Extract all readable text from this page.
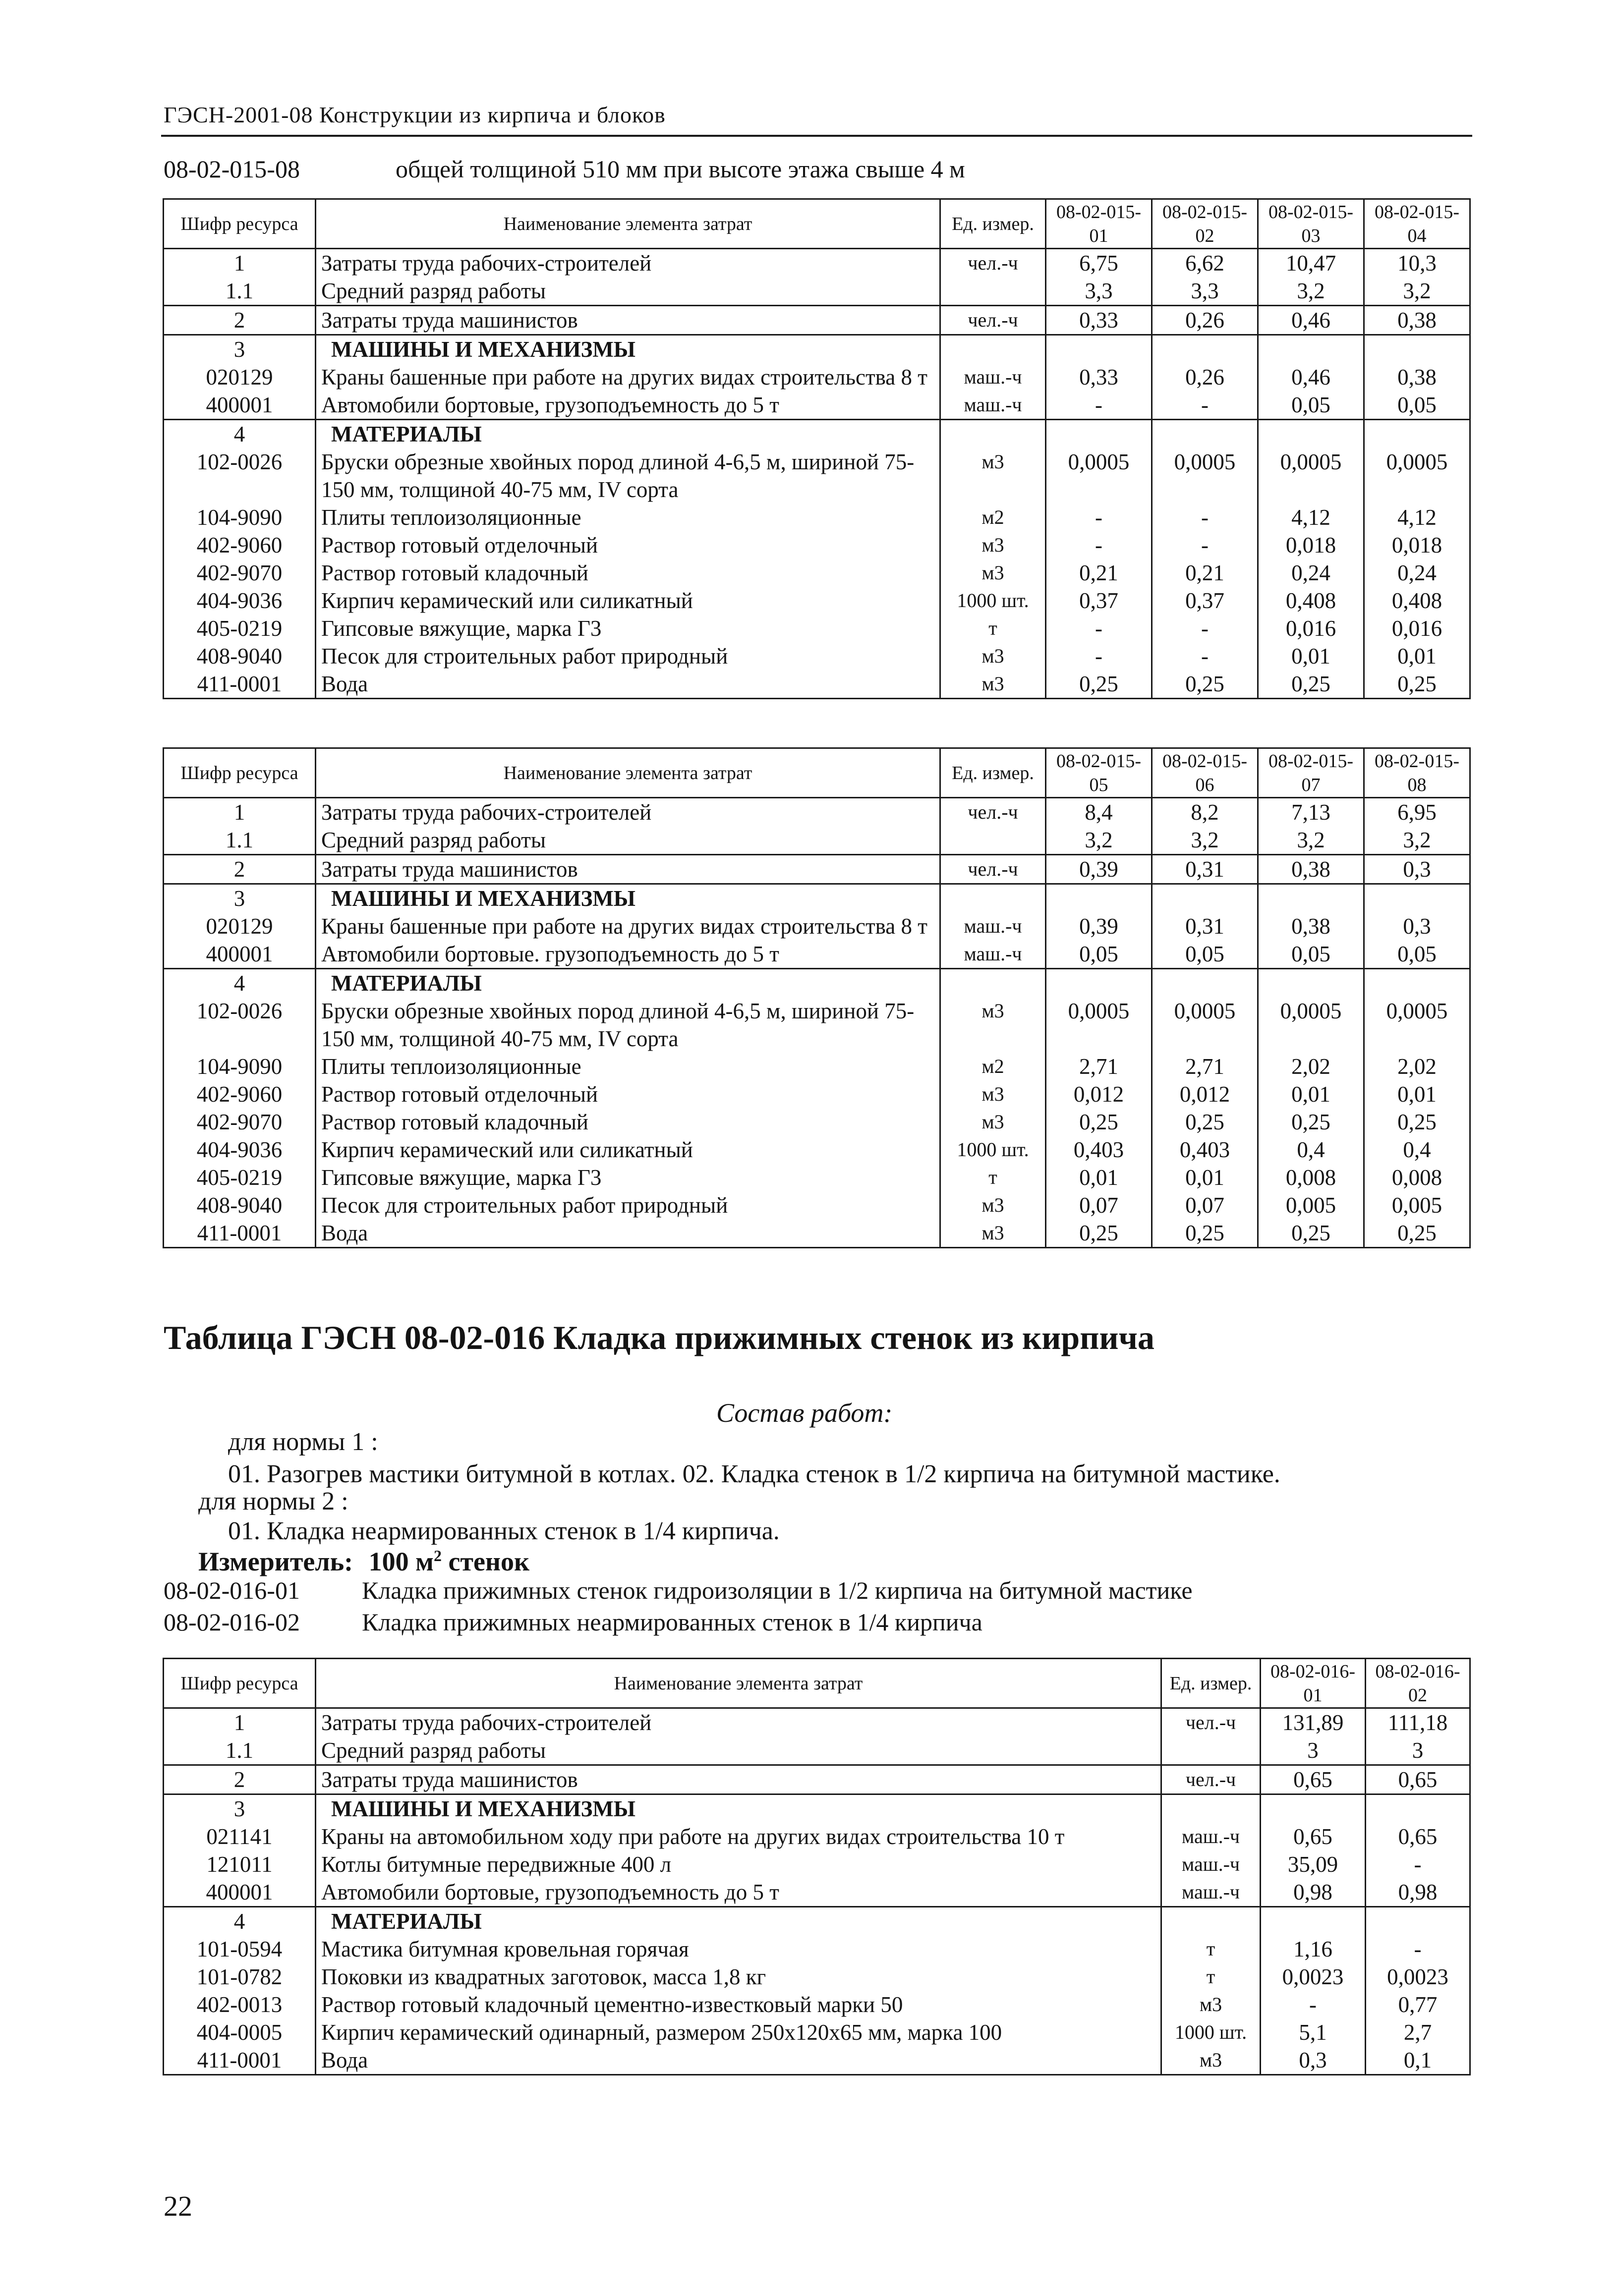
ГЭСН-2001-08 Конструкции из кирпича и блоков
08-02-015-08	общей толщиной 510 мм при высоте этажа свыше 4 м
Шифр ресурса	Наименование элемента затрат	Ед. измер.	08-02-015-01	08-02-015-02	08-02-015-03	08-02-015-04
1	Затраты труда рабочих-строителей	чел.-ч	6,75	6,62	10,47	10,3
1.1	Средний разряд работы		3,3	3,3	3,2	3,2
2	Затраты труда машинистов	чел.-ч	0,33	0,26	0,46	0,38
3	МАШИНЫ И МЕХАНИЗМЫ					
020129	Краны башенные при работе на других видах строительства 8 т	маш.-ч	0,33	0,26	0,46	0,38
400001	Автомобили бортовые, грузоподъемность до 5 т	маш.-ч	-	-	0,05	0,05
4	МАТЕРИАЛЫ					
102-0026	Бруски обрезные хвойных пород длиной 4-6,5 м, шириной 75-150 мм, толщиной 40-75 мм, IV сорта	м3	0,0005	0,0005	0,0005	0,0005
104-9090	Плиты теплоизоляционные	м2	-	-	4,12	4,12
402-9060	Раствор готовый отделочный	м3	-	-	0,018	0,018
402-9070	Раствор готовый кладочный	м3	0,21	0,21	0,24	0,24
404-9036	Кирпич керамический или силикатный	1000 шт.	0,37	0,37	0,408	0,408
405-0219	Гипсовые вяжущие, марка Г3	т	-	-	0,016	0,016
408-9040	Песок для строительных работ природный	м3	-	-	0,01	0,01
411-0001	Вода	м3	0,25	0,25	0,25	0,25
Шифр ресурса	Наименование элемента затрат	Ед. измер.	08-02-015-05	08-02-015-06	08-02-015-07	08-02-015-08
1	Затраты труда рабочих-строителей	чел.-ч	8,4	8,2	7,13	6,95
1.1	Средний разряд работы		3,2	3,2	3,2	3,2
2	Затраты труда машинистов	чел.-ч	0,39	0,31	0,38	0,3
3	МАШИНЫ И МЕХАНИЗМЫ					
020129	Краны башенные при работе на других видах строительства 8 т	маш.-ч	0,39	0,31	0,38	0,3
400001	Автомобили бортовые. грузоподъемность до 5 т	маш.-ч	0,05	0,05	0,05	0,05
4	МАТЕРИАЛЫ					
102-0026	Бруски обрезные хвойных пород длиной 4-6,5 м, шириной 75-150 мм, толщиной 40-75 мм, IV сорта	м3	0,0005	0,0005	0,0005	0,0005
104-9090	Плиты теплоизоляционные	м2	2,71	2,71	2,02	2,02
402-9060	Раствор готовый отделочный	м3	0,012	0,012	0,01	0,01
402-9070	Раствор готовый кладочный	м3	0,25	0,25	0,25	0,25
404-9036	Кирпич керамический или силикатный	1000 шт.	0,403	0,403	0,4	0,4
405-0219	Гипсовые вяжущие, марка Г3	т	0,01	0,01	0,008	0,008
408-9040	Песок для строительных работ природный	м3	0,07	0,07	0,005	0,005
411-0001	Вода	м3	0,25	0,25	0,25	0,25
Таблица ГЭСН 08-02-016 Кладка прижимных стенок из кирпича
Состав работ:
для нормы 1 :
01. Разогрев мастики битумной в котлах. 02. Кладка стенок в 1/2 кирпича на битумной мастике.
для нормы 2 :
01. Кладка неармированных стенок в 1/4 кирпича.
Измеритель: 100 $м^2$ стенок
08-02-016-01	Кладка прижимных стенок гидроизоляции в 1/2 кирпича на битумной мастике
08-02-016-02	Кладка прижимных неармированных стенок в 1/4 кирпича
Шифр ресурса	Наименование элемента затрат	Ед. измер.	08-02-016-01	08-02-016-02
1	Затраты труда рабочих-строителей	чел.-ч	131,89	111,18
1.1	Средний разряд работы		3	3
2	Затраты труда машинистов	чел.-ч	0,65	0,65
3	МАШИНЫ И МЕХАНИЗМЫ			
021141	Краны на автомобильном ходу при работе на других видах строительства 10 т	маш.-ч	0,65	0,65
121011	Котлы битумные передвижные 400 л	маш.-ч	35,09	-
400001	Автомобили бортовые, грузоподъемность до 5 т	маш.-ч	0,98	0,98
4	МАТЕРИАЛЫ			
101-0594	Мастика битумная кровельная горячая	т	1,16	-
101-0782	Поковки из квадратных заготовок, масса 1,8 кг	т	0,0023	0,0023
402-0013	Раствор готовый кладочный цементно-известковый марки 50	м3	-	0,77
404-0005	Кирпич керамический одинарный, размером 250х120х65 мм, марка 100	1000 шт.	5,1	2,7
411-0001	Вода	м3	0,3	0,1
22
